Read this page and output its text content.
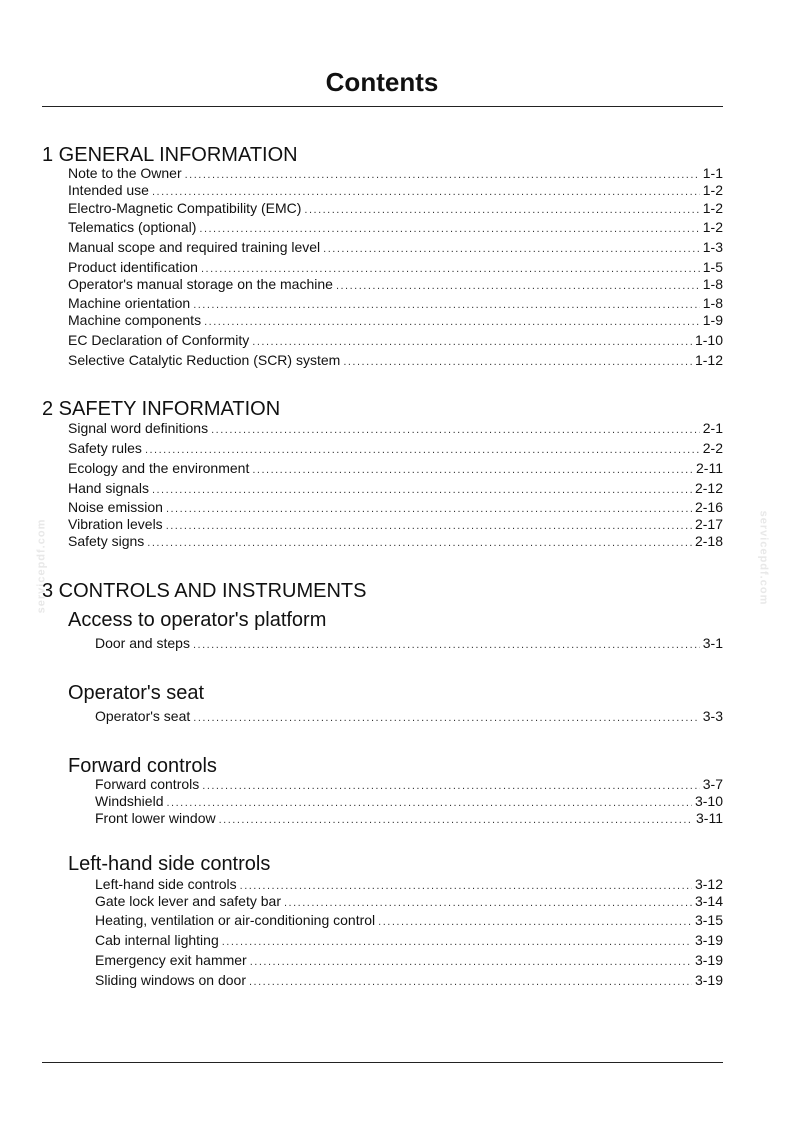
Contents
servicepdf.com	servicepdf.com
1 GENERAL INFORMATION
Note to the Owner .....	1-1
Intended use .....	1-2
Electro-Magnetic Compatibility (EMC) .....	1-2
Telematics (optional) .....	1-2
Manual scope and required training level .....	1-3
Product identification .....	1-5
Operator's manual storage on the machine .....	1-8
Machine orientation .....	1-8
Machine components .....	1-9
EC Declaration of Conformity .....	1-10
Selective Catalytic Reduction (SCR) system .....	1-12
2 SAFETY INFORMATION
Signal word definitions .....	2-1
Safety rules .....	2-2
Ecology and the environment .....	2-11
Hand signals .....	2-12
Noise emission .....	2-16
Vibration levels .....	2-17
Safety signs .....	2-18
3 CONTROLS AND INSTRUMENTS
Access to operator's platform
Door and steps .....	3-1
Operator's seat
Operator's seat .....	3-3
Forward controls
Forward controls .....	3-7
Windshield .....	3-10
Front lower window .....	3-11
Left-hand side controls
Left-hand side controls .....	3-12
Gate lock lever and safety bar .....	3-14
Heating, ventilation or air-conditioning control .....	3-15
Cab internal lighting .....	3-19
Emergency exit hammer .....	3-19
Sliding windows on door .....	3-19
